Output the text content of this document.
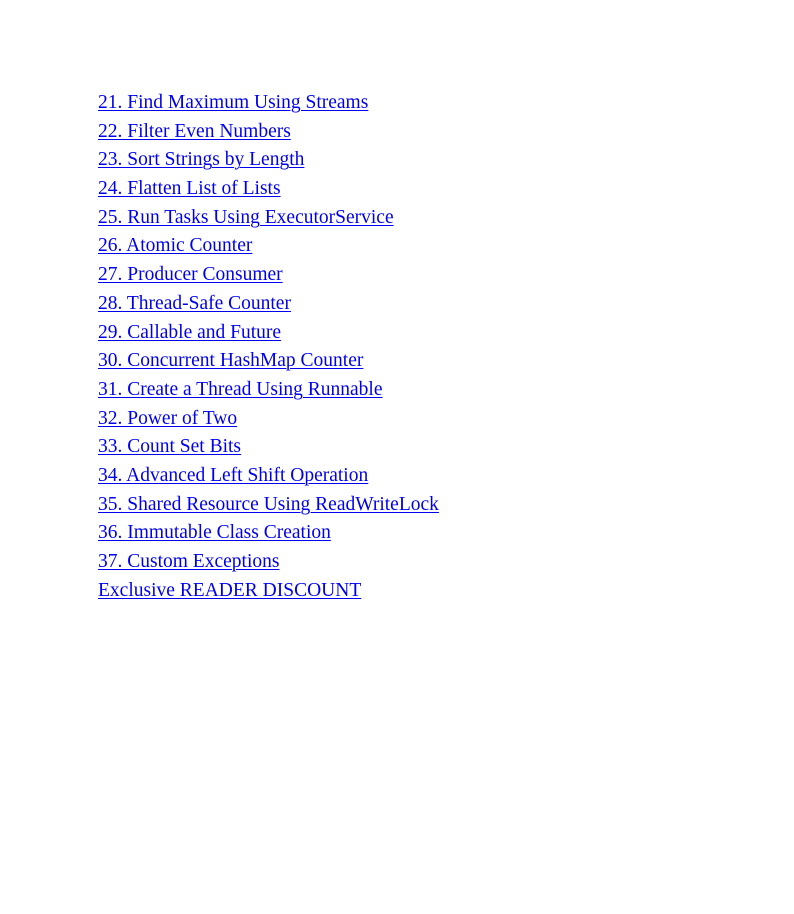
21. Find Maximum Using Streams
22. Filter Even Numbers
23. Sort Strings by Length
24. Flatten List of Lists
25. Run Tasks Using ExecutorService
26. Atomic Counter
27. Producer Consumer
28. Thread-Safe Counter
29. Callable and Future
30. Concurrent HashMap Counter
31. Create a Thread Using Runnable
32. Power of Two
33. Count Set Bits
34. Advanced Left Shift Operation
35. Shared Resource Using ReadWriteLock
36. Immutable Class Creation
37. Custom Exceptions
Exclusive READER DISCOUNT
